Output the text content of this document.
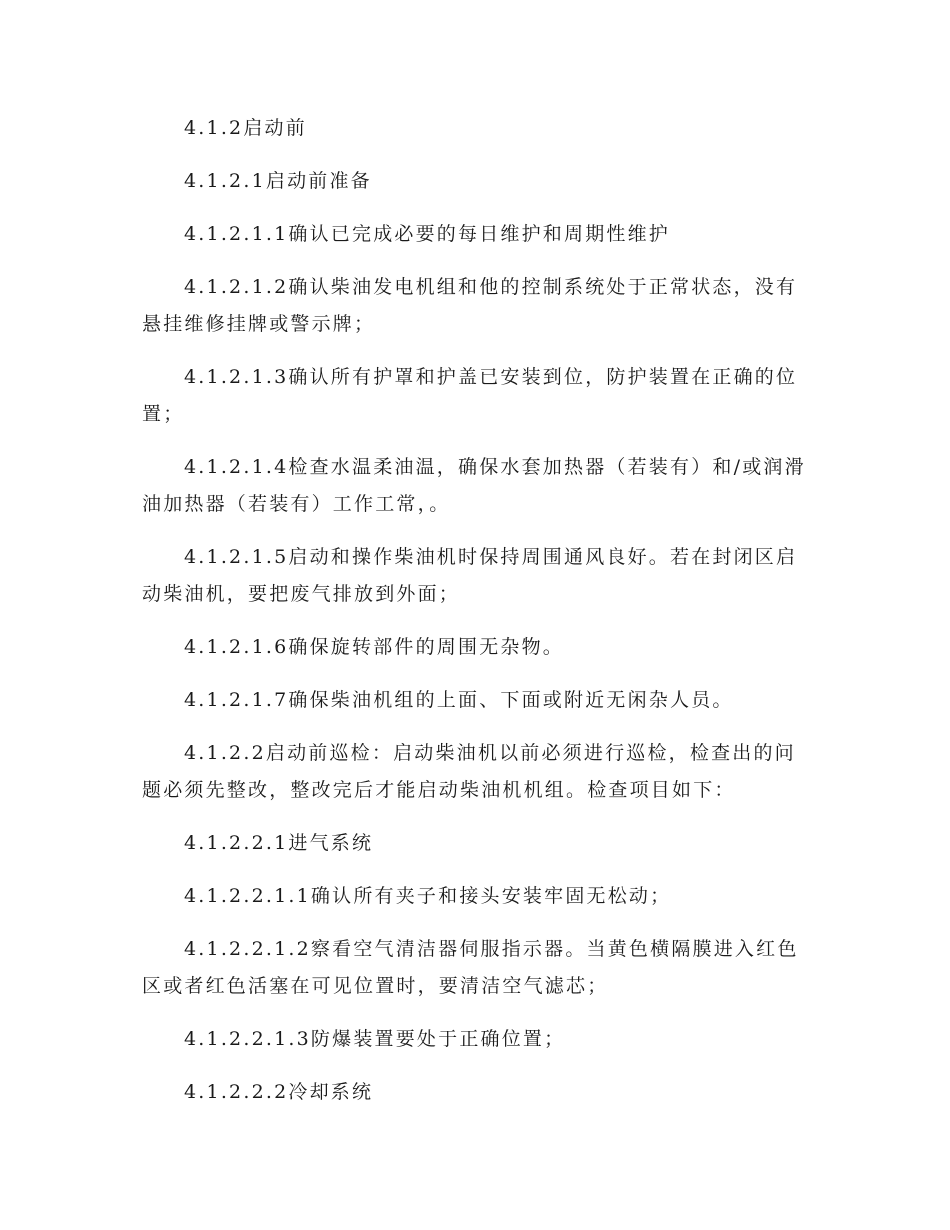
4.1.2启动前

4.1.2.1启动前准备

4.1.2.1.1确认已完成必要的每日维护和周期性维护

4.1.2.1.2确认柴油发电机组和他的控制系统处于正常状态，没有悬挂维修挂牌或警示牌；

4.1.2.1.3确认所有护罩和护盖已安装到位，防护装置在正确的位置；

4.1.2.1.4检查水温柔油温，确保水套加热器（若装有）和/或润滑油加热器（若装有）工作工常，。

4.1.2.1.5启动和操作柴油机时保持周围通风良好。若在封闭区启动柴油机，要把废气排放到外面；

4.1.2.1.6确保旋转部件的周围无杂物。

4.1.2.1.7确保柴油机组的上面、下面或附近无闲杂人员。

4.1.2.2启动前巡检：启动柴油机以前必须进行巡检，检查出的问题必须先整改，整改完后才能启动柴油机机组。检查项目如下：

4.1.2.2.1进气系统

4.1.2.2.1.1确认所有夹子和接头安装牢固无松动；

4.1.2.2.1.2察看空气清洁器伺服指示器。当黄色横隔膜进入红色区或者红色活塞在可见位置时，要清洁空气滤芯；

4.1.2.2.1.3防爆装置要处于正确位置；

4.1.2.2.2冷却系统
